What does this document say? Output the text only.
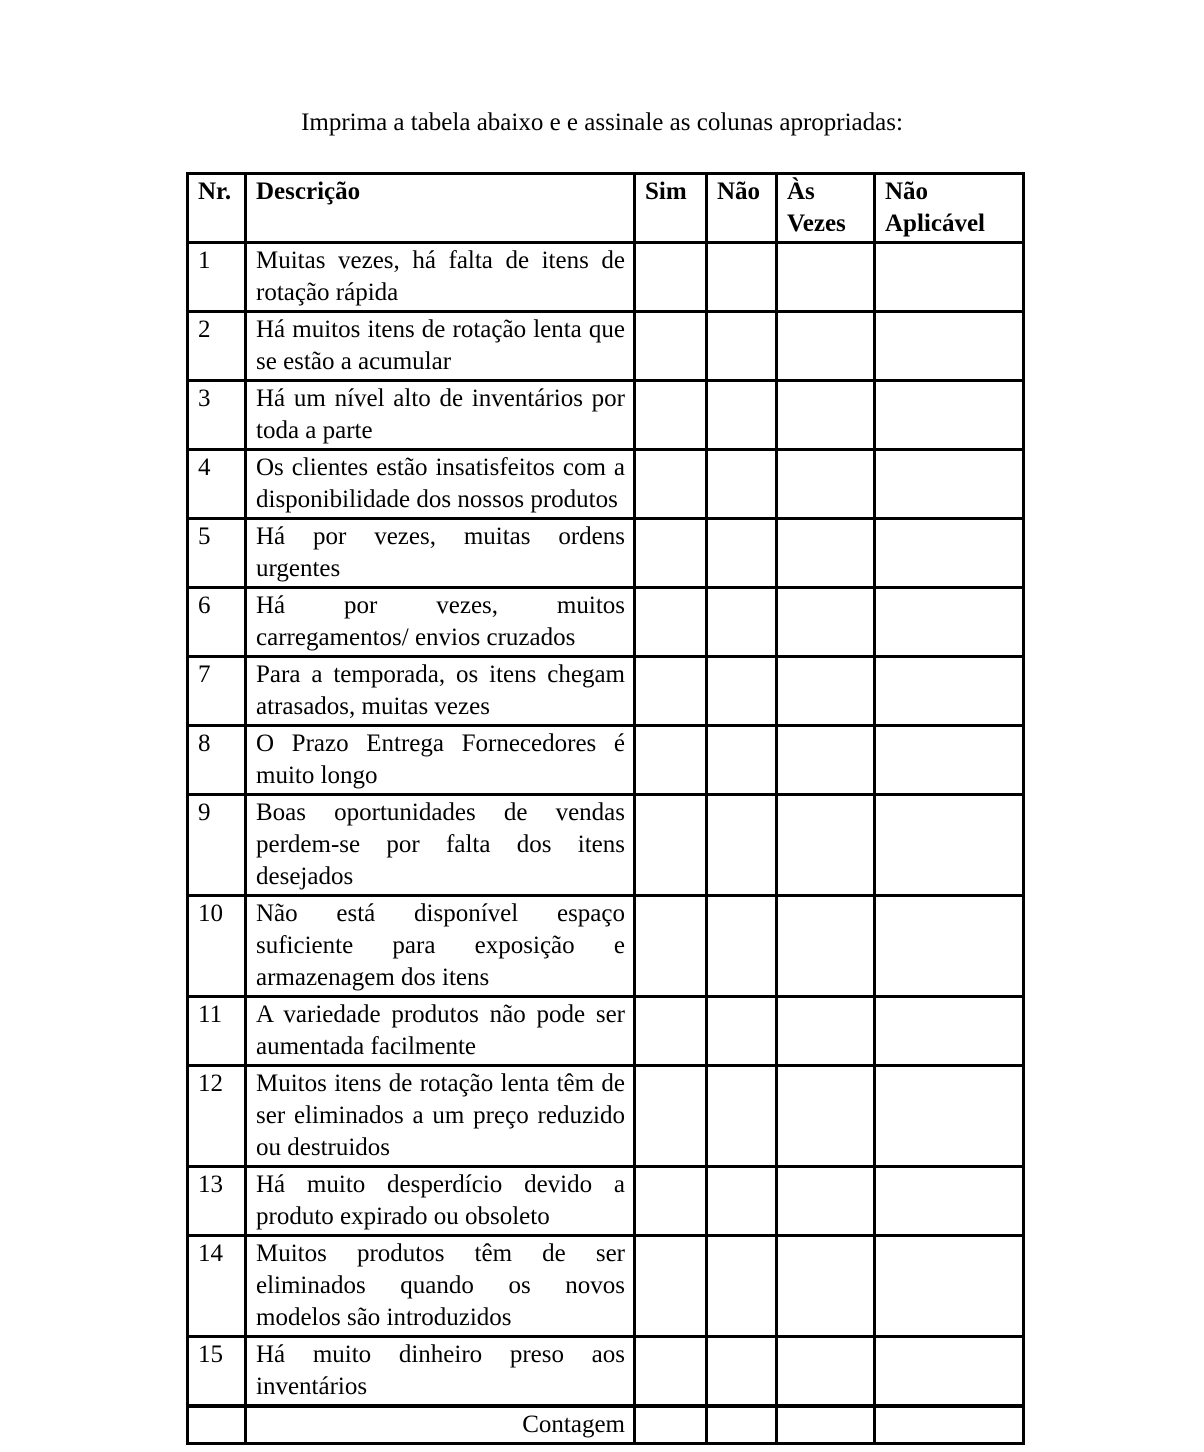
Imprima a tabela abaixo e e assinale as colunas apropriadas:
Nr.	Descrição	Sim	Não	Às Vezes	Não Aplicável
1	Muitas vezes, há falta de itens de rotação rápida				
2	Há muitos itens de rotação lenta que se estão a acumular				
3	Há um nível alto de inventários por toda a parte				
4	Os clientes estão insatisfeitos com a disponibilidade dos nossos produtos				
5	Há por vezes, muitas ordens urgentes				
6	Há por vezes, muitos carregamentos/ envios cruzados				
7	Para a temporada, os itens chegam atrasados, muitas vezes				
8	O Prazo Entrega Fornecedores é muito longo				
9	Boas oportunidades de vendas perdem-se por falta dos itens desejados				
10	Não está disponível espaço suficiente para exposição e armazenagem dos itens				
11	A variedade produtos não pode ser aumentada facilmente				
12	Muitos itens de rotação lenta têm de ser eliminados a um preço reduzido ou destruidos				
13	Há muito desperdício devido a produto expirado ou obsoleto				
14	Muitos produtos têm de ser eliminados quando os novos modelos são introduzidos				
15	Há muito dinheiro preso aos inventários				
	Contagem				
